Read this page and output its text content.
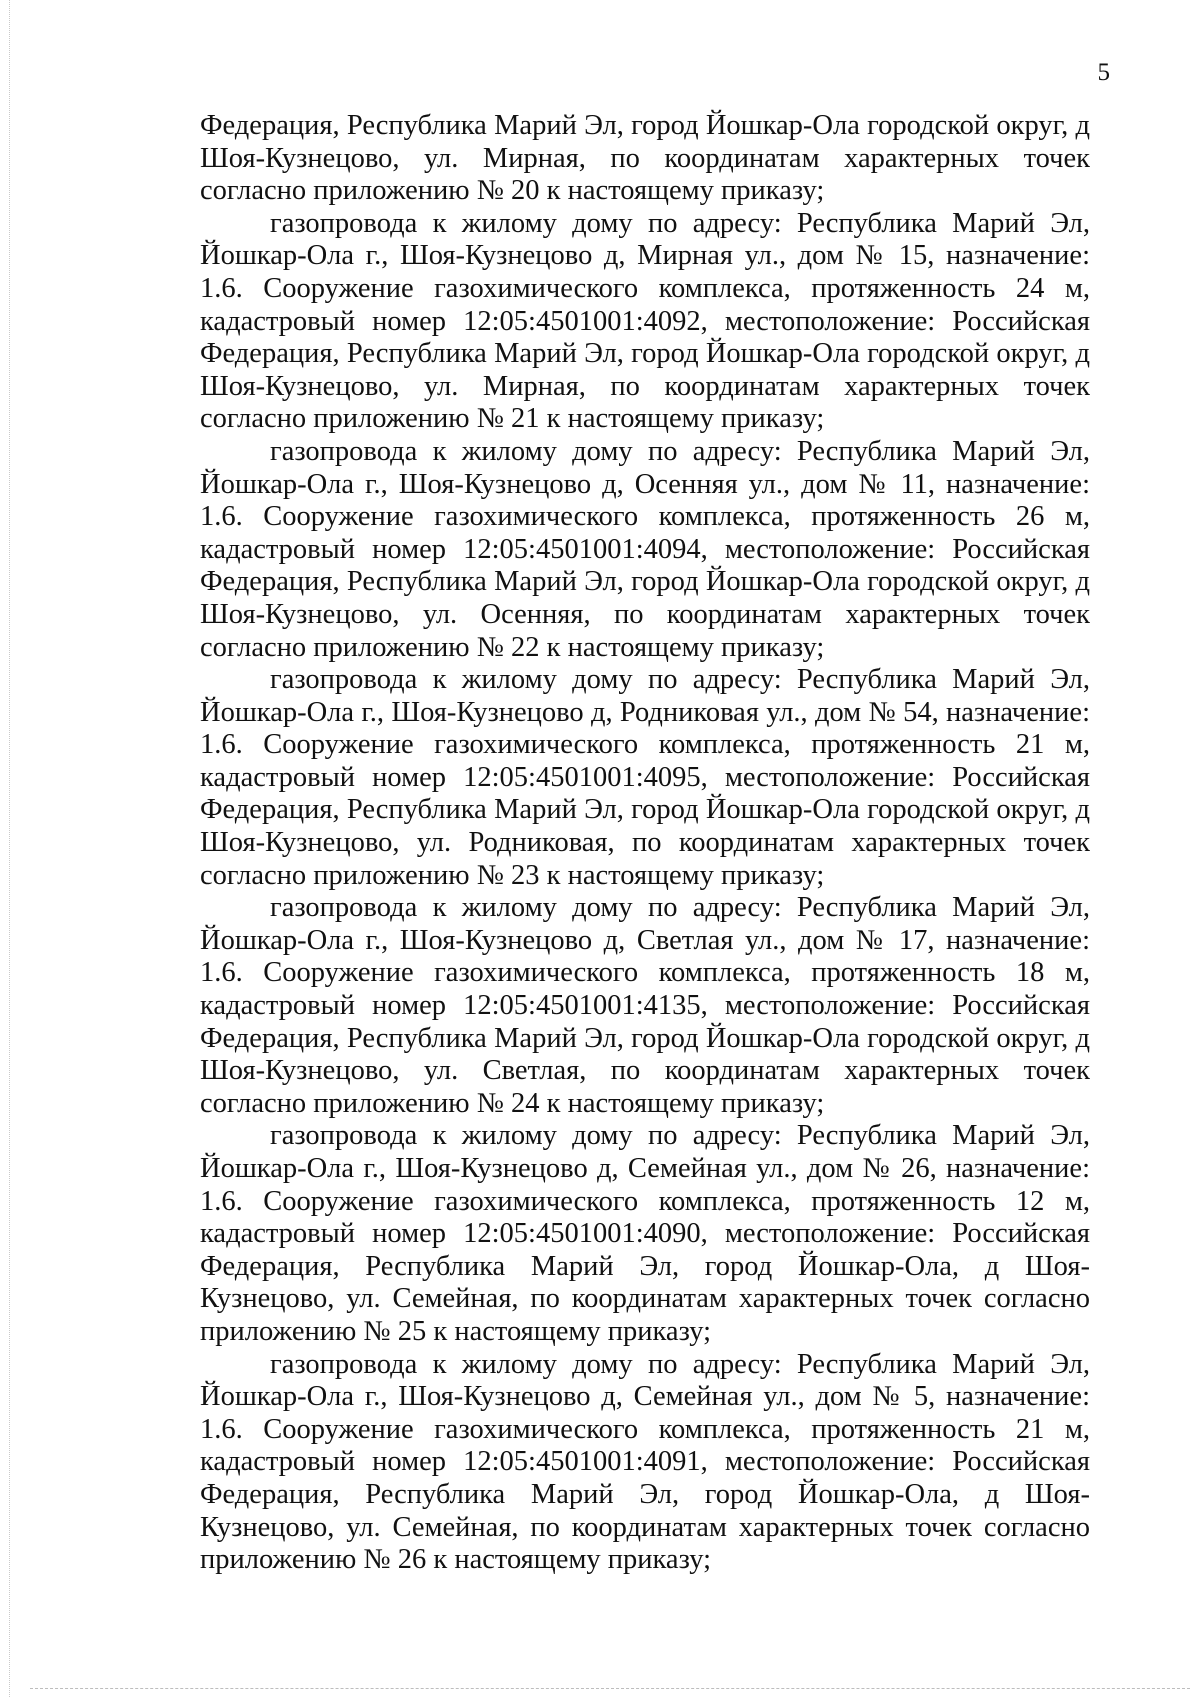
5

Федерация, Республика Марий Эл, город Йошкар-Ола городской округ, д Шоя-Кузнецово, ул. Мирная, по координатам характерных точек согласно приложению № 20 к настоящему приказу;

газопровода к жилому дому по адресу: Республика Марий Эл, Йошкар-Ола г., Шоя-Кузнецово д, Мирная ул., дом № 15, назначение: 1.6. Сооружение газохимического комплекса, протяженность 24 м, кадастровый номер 12:05:4501001:4092, местоположение: Российская Федерация, Республика Марий Эл, город Йошкар-Ола городской округ, д Шоя-Кузнецово, ул. Мирная, по координатам характерных точек согласно приложению № 21 к настоящему приказу;

газопровода к жилому дому по адресу: Республика Марий Эл, Йошкар-Ола г., Шоя-Кузнецово д, Осенняя ул., дом № 11, назначение: 1.6. Сооружение газохимического комплекса, протяженность 26 м, кадастровый номер 12:05:4501001:4094, местоположение: Российская Федерация, Республика Марий Эл, город Йошкар-Ола городской округ, д Шоя-Кузнецово, ул. Осенняя, по координатам характерных точек согласно приложению № 22 к настоящему приказу;

газопровода к жилому дому по адресу: Республика Марий Эл, Йошкар-Ола г., Шоя-Кузнецово д, Родниковая ул., дом № 54, назначение: 1.6. Сооружение газохимического комплекса, протяженность 21 м, кадастровый номер 12:05:4501001:4095, местоположение: Российская Федерация, Республика Марий Эл, город Йошкар-Ола городской округ, д Шоя-Кузнецово, ул. Родниковая, по координатам характерных точек согласно приложению № 23 к настоящему приказу;

газопровода к жилому дому по адресу: Республика Марий Эл, Йошкар-Ола г., Шоя-Кузнецово д, Светлая ул., дом № 17, назначение: 1.6. Сооружение газохимического комплекса, протяженность 18 м, кадастровый номер 12:05:4501001:4135, местоположение: Российская Федерация, Республика Марий Эл, город Йошкар-Ола городской округ, д Шоя-Кузнецово, ул. Светлая, по координатам характерных точек согласно приложению № 24 к настоящему приказу;

газопровода к жилому дому по адресу: Республика Марий Эл, Йошкар-Ола г., Шоя-Кузнецово д, Семейная ул., дом № 26, назначение: 1.6. Сооружение газохимического комплекса, протяженность 12 м, кадастровый номер 12:05:4501001:4090, местоположение: Российская Федерация, Республика Марий Эл, город Йошкар-Ола, д Шоя-Кузнецово, ул. Семейная, по координатам характерных точек согласно приложению № 25 к настоящему приказу;

газопровода к жилому дому по адресу: Республика Марий Эл, Йошкар-Ола г., Шоя-Кузнецово д, Семейная ул., дом № 5, назначение: 1.6. Сооружение газохимического комплекса, протяженность 21 м, кадастровый номер 12:05:4501001:4091, местоположение: Российская Федерация, Республика Марий Эл, город Йошкар-Ола, д Шоя-Кузнецово, ул. Семейная, по координатам характерных точек согласно приложению № 26 к настоящему приказу;
